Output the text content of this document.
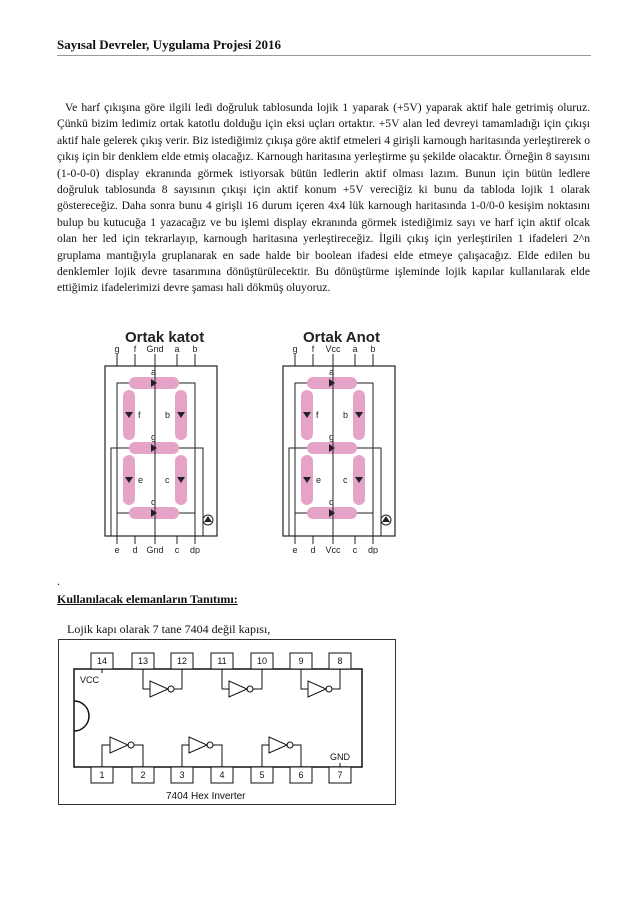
Sayısal Devreler, Uygulama Projesi 2016

Ve harf çıkışına göre ilgili ledi doğruluk tablosunda lojik 1 yaparak (+5V) yaparak aktif hale getrimiş oluruz. Çünkü bizim ledimiz ortak katotlu dolduğu için eksi uçları ortaktır. +5V alan led devreyi tamamladığı için çıkışı aktif hale gelerek çıkış verir. Biz istediğimiz çıkışa göre aktif etmeleri 4 girişli karnough haritasında yerleştirerek o çıkış için bir denklem elde etmiş olacağız. Karnough haritasına yerleştirme şu şekilde olacaktır. Örneğin 8 sayısını (1-0-0-0) display ekranında görmek istiyorsak bütün ledlerin aktif olması lazım. Bunun için bütün ledlere doğruluk tablosunda 8 sayısının çıkışı için aktif konum +5V vereciğiz ki bunu da tabloda lojik 1 olarak göstereceğiz. Daha sonra bunu 4 girişli 16 durum içeren 4x4 lük karnough haritasında 1-0/0-0 kesişim noktasını bulup bu kutucuğa 1 yazacağız ve bu işlemi display ekranında görmek istediğimiz sayı ve harf için aktif olcak olan her led için tekrarlayıp, karnough haritasına yerleştireceğiz. İlgili çıkış için yerleştirilen 1 ifadeleri 2^n gruplama mantığıyla gruplanarak en sade halde bir boolean ifadesi elde etmeye çalışacağız. Elde edilen bu denklemler lojik devre tasarımına dönüştürülecektir. Bu dönüştürme işleminde lojik kapılar kullanılarak elde ettiğimiz ifadelerimizi devre şaması hali dökmüş oluyoruz.

Ortak katot
g f Gnd a b
e d Gnd c dp
Ortak Anot
g f Vcc a b
e d Vcc c dp
.
Kullanılacak elemanların Tanıtımı:
Lojik kapı olarak 7 tane 7404 değil kapısı,
14	13	12	11	10	9	8
1	2	3	4	5	6	7
VCC
GND
7404 Hex Inverter
